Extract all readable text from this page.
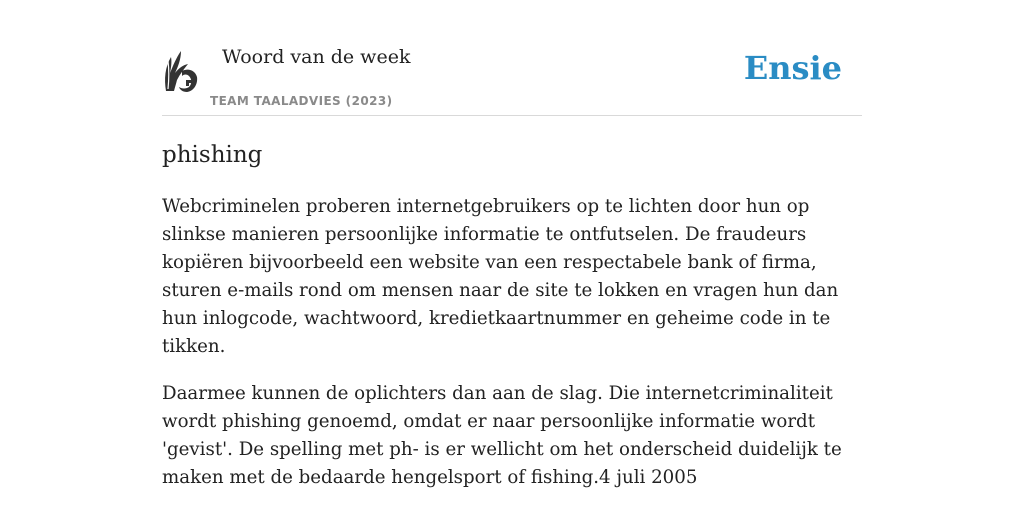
Woord van de week
TEAM TAALADVIES (2023)
Ensie
phishing

Webcriminelen proberen internetgebruikers op te lichten door hun op slinkse manieren persoonlijke informatie te ontfutselen. De fraudeurs kopiëren bijvoorbeeld een website van een respectabele bank of firma, sturen e-mails rond om mensen naar de site te lokken en vragen hun dan hun inlogcode, wachtwoord, kredietkaartnummer en geheime code in te tikken.

Daarmee kunnen de oplichters dan aan de slag. Die internetcriminaliteit wordt phishing genoemd, omdat er naar persoonlijke informatie wordt 'gevist'. De spelling met ph- is er wellicht om het onderscheid duidelijk te maken met de bedaarde hengelsport of fishing.4 juli 2005
